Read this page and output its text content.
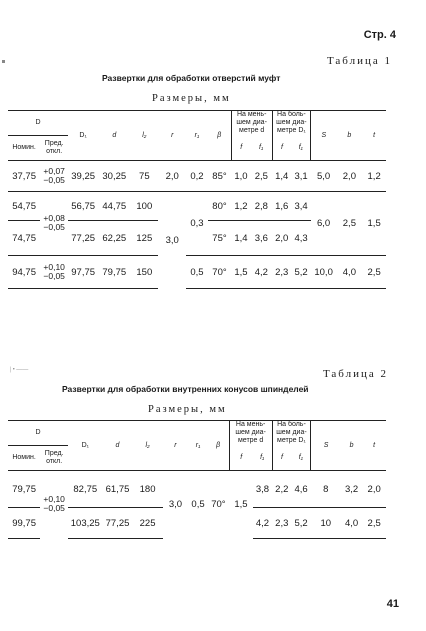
Стр. 4
Таблица 1
Развертки для обработки отверстий муфт
Размеры, мм
D		D₁	d	l₂	r	r₁	β	На мень-шем диа-метре d		На боль-шем диа-метре D₁		S	b	t
								f	f₁	f	f₁			
Номин.	Пред. откл.													
37,75	+0,07
−0,05	39,25	30,25	75	2,0	0,2	85°	1,0	2,5	1,4	3,1	5,0	2,0	1,2
54,75	+0,08
−0,05	56,75	44,75	100	3,0	0,3	80°	1,2	2,8	1,6	3,4	6,0	2,5	1,5
74,75		77,25	62,25	125			75°	1,4	3,6	2,0	4,3			
94,75	+0,10
−0,05	97,75	79,75	150		0,5	70°	1,5	4,2	2,3	5,2	10,0	4,0	2,5
| • ——	Таблица 2
Развертки для обработки внутренних конусов шпинделей
Размеры, мм
D		D₁	d	l₂	r	r₁	β	На мень-шем диа-метре d		На боль-шем диа-метре D₁		S	b	t
								f	f₁	f	f₁			
Номин.	Пред. откл.													
79,75	+0,10
−0,05	82,75	61,75	180	3,0	0,5	70°	1,5	3,8	2,2	4,6	8	3,2	2,0
99,75		103,25	77,25	225					4,2	2,3	5,2	10	4,0	2,5
41
